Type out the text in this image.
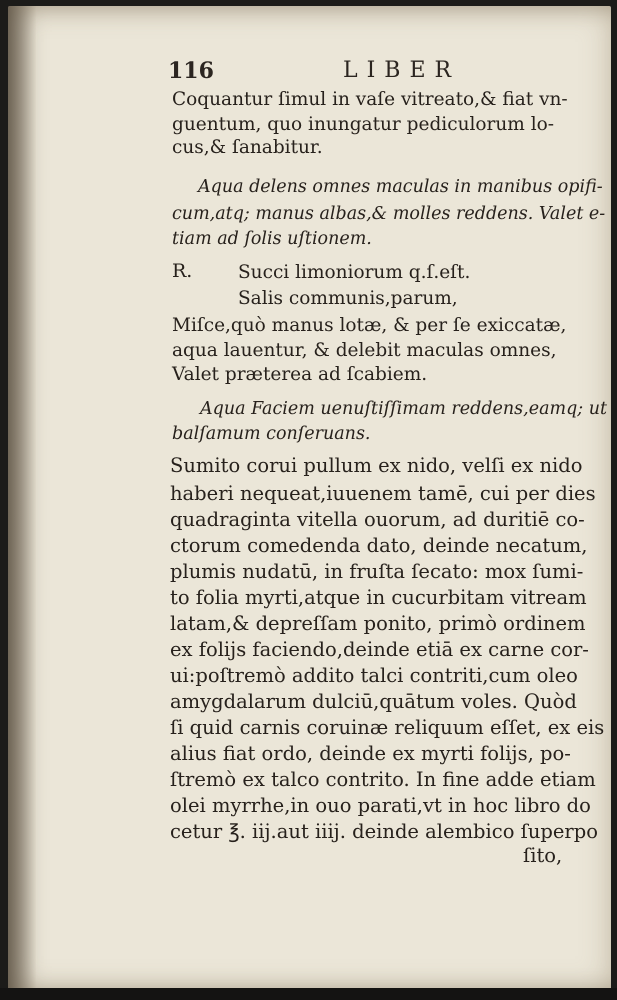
116	LIBER
Coquantur ſimul in vaſe vitreato,& fiat vn-
guentum, quo inungatur pediculorum lo-
cus,& ſanabitur.
Aqua delens omnes maculas in manibus opifi-
cum,atq; manus albas,& molles reddens. Valet e-
tiam ad ſolis uſtionem.
R. Succi limoniorum q.ſ.eſt.
Salis communis,parum,
Miſce,quò manus lotæ, & per ſe exiccatæ,
aqua lauentur, & delebit maculas omnes,
Valet præterea ad ſcabiem.
Aqua Faciem uenuſtiſſimam reddens,eamq; ut
balſamum conſeruans.
Sumito corui pullum ex nido, velſi ex nido
haberi nequeat,iuuenem tamē, cui per dies
quadraginta vitella ouorum, ad duritiē co-
ctorum comedenda dato, deinde necatum,
plumis nudatū, in fruſta ſecato: mox ſumi-
to folia myrti,atque in cucurbitam vitream
latam,& depreſſam ponito, primò ordinem
ex folijs faciendo,deinde etiā ex carne cor-
ui:poſtremò addito talci contriti,cum oleo
amygdalarum dulciū,quātum voles. Quòd
ſi quid carnis coruinæ reliquum eſſet, ex eis
alius fiat ordo, deinde ex myrti folijs, po-
ſtremò ex talco contrito. In fine adde etiam
olei myrrhe,in ouo parati,vt in hoc libro do
cetur ℥. iij.aut iiij. deinde alembico ſuperpo
ſito,
